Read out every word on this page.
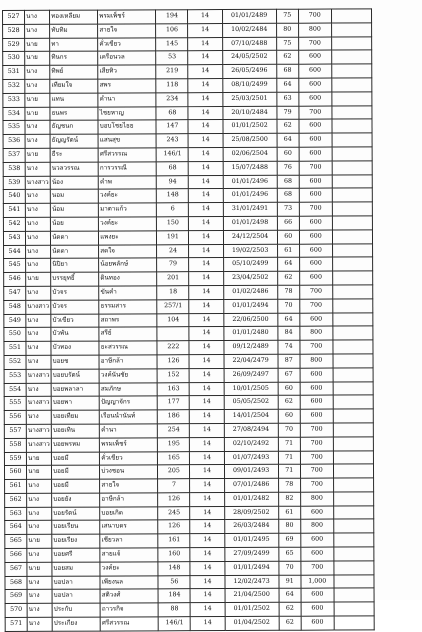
527	นาง	ทองเหลียม	พรมเพ็ชร์	194	14	01/01/2489	75	700	
528	นาง	ทับทิม	สายใจ	106	14	10/02/2484	80	800	
529	นาย	ทา	คั่วเขียว	145	14	07/10/2488	75	700	
530	นาย	ทินกร	เครือนวล	53	14	24/05/2502	62	600	
531	นาง	ทิพย์	เสียทิว	219	14	26/05/2496	68	600	
532	นาง	เทียมใจ	สพร	118	14	08/10/2499	64	600	
533	นาย	แทน	คำนา	234	14	25/03/2501	63	600	
534	นาย	ธนพร	ไชยหาญ	68	14	20/10/2484	79	700	
535	นาง	ธัญชนก	บอบโชยไธย	147	14	01/01/2502	62	600	
536	นาง	ธัญญรัตน์	แสนสุข	243	14	25/08/2500	64	600	
537	นาย	ธีระ	ศรีสวรรณ	146/1	14	02/06/2504	60	600	
538	นาง	นวลวรรณ	การวรรณี	68	14	15/07/2488	76	700	
539	นางสาว	น้อง	คำพ	94	14	01/01/2496	68	600	
540	นาง	นอม	วงค์ยะ	148	14	01/01/2496	68	600	
541	นาง	น้อม	มาตาแก้ว	6	14	31/01/2491	73	700	
542	นาง	น้อย	วงค์ยะ	150	14	01/01/2498	66	600	
543	นาง	นัดดา	แพงยะ	191	14	24/12/2504	60	600	
544	นาง	นัดดา	สดใจ	24	14	19/02/2503	61	600	
545	นาง	นิปิยา	น้อยพลักษ์	79	14	05/10/2499	64	600	
546	นาย	บรรยุทธิ์	ดินทอง	201	14	23/04/2502	62	600	
547	นาง	บัวจร	ขันคำ	18	14	01/02/2486	78	700	
548	นางสาว	บัวจร	ธรรมสาร	257/1	14	01/01/2494	70	700	
549	นาง	บัวเขียว	สถาพร	104	14	22/06/2500	64	600	
550	นาง	บัวพัน	สรีย์		14	01/01/2480	84	800	
551	นาง	บัวทอง	ธะสวรรณ	222	14	09/12/2489	74	700	
552	นาง	บอยช	อาษีกล้า	126	14	22/04/2479	87	800	
553	นางสาว	บอยบรัตน์	วงค์นันชัย	152	14	26/09/2497	67	600	
554	นาง	บอยพลาลา	สมภักษ	163	14	10/01/2505	60	600	
555	นางสาว	บอยพา	ปัญญาจักร	177	14	05/05/2502	62	600	
556	นาง	บอยเทียม	เรือนนำนันท์	186	14	14/01/2504	60	600	
557	นางสาว	บอยเทิน	คำนา	254	14	27/08/2494	70	700	
558	นางสาว	บอยพรหม	พรมเพ็ชร์	195	14	02/10/2492	71	700	
559	นาย	บอยมี	คั่วเขียว	165	14	01/07/2493	71	700	
560	นาย	บอยมี	บ่วงชอน	205	14	09/01/2493	71	700	
561	นาง	บอยมี	สายใจ	7	14	07/01/2486	78	700	
562	นาง	บอยยัง	อาษีกล้า	126	14	01/01/2482	82	800	
563	นาง	บอยรัตน์	บอยเกิด	245	14	28/09/2502	61	600	
564	นาง	บอยเรียน	เสนาบดร	126	14	26/03/2484	80	800	
565	นาย	บอยเรียง	เชียวลา	161	14	01/01/2495	69	600	
566	นาง	บอยศรี	สายแจ้	160	14	27/09/2499	65	600	
567	นาย	บอยสม	วงค์ยะ	148	14	01/01/2494	70	700	
568	นาง	บอปลา	เพียงนล	56	14	12/02/2473	91	1,000	
569	นาง	บอปลา	สติวงศ์	184	14	21/04/2500	64	600	
570	นาง	ประกับ	ถาวรกิจ	88	14	01/01/2502	62	600	
571	นาง	ประเกียง	ศรีสวรรณ	146/1	14	01/04/2502	62	600	
